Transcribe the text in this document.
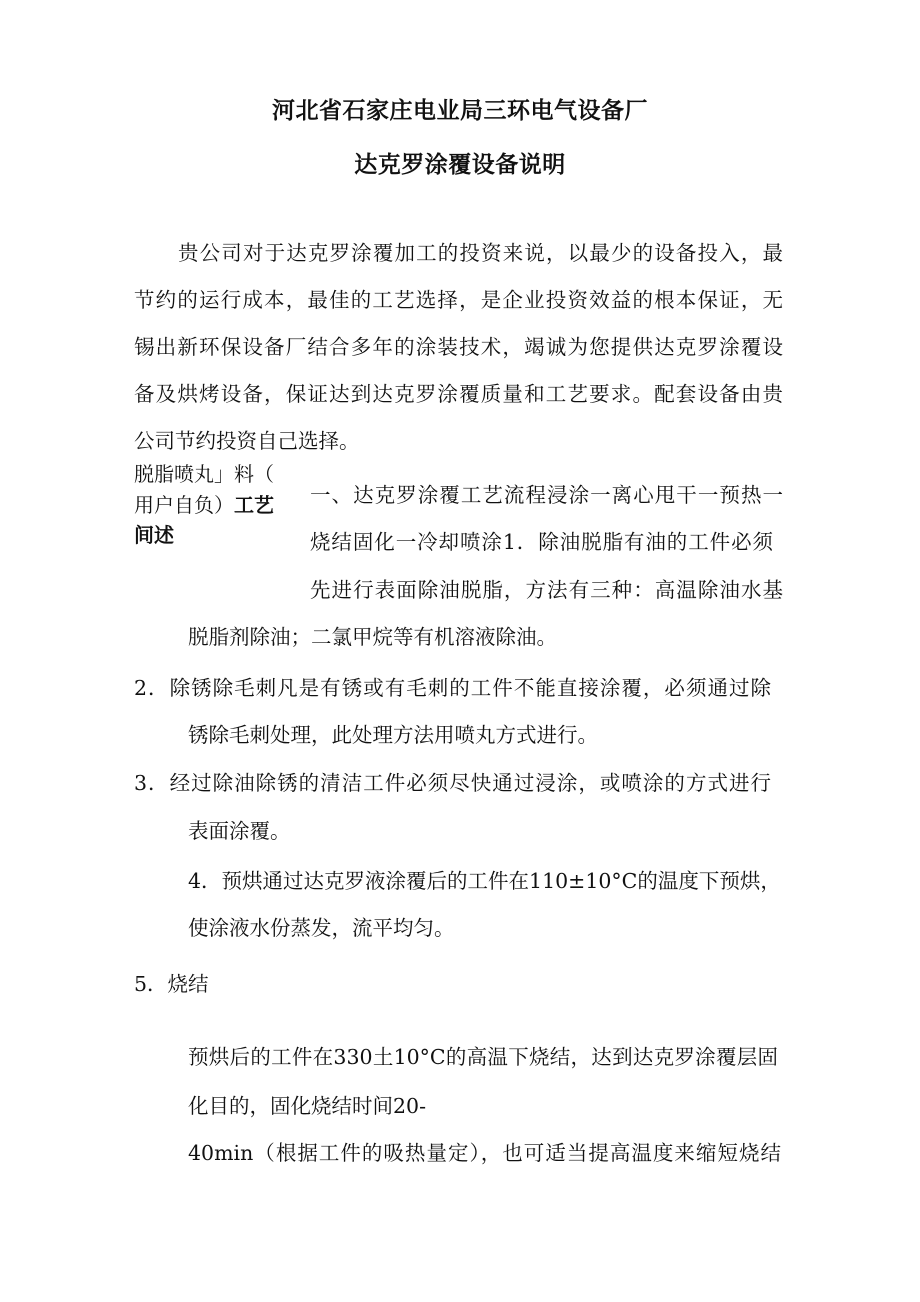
河北省石家庄电业局三环电气设备厂
达克罗涂覆设备说明
贵公司对于达克罗涂覆加工的投资来说，以最少的设备投入，最
节约的运行成本，最佳的工艺选择，是企业投资效益的根本保证，无
锡出新环保设备厂结合多年的涂装技术，竭诚为您提供达克罗涂覆设
备及烘烤设备，保证达到达克罗涂覆质量和工艺要求。配套设备由贵
公司节约投资自己选择。
脱脂喷丸」料（
用户自负）工艺
间述
一、达克罗涂覆工艺流程浸涂一离心甩干一预热一
烧结固化一冷却喷涂1．除油脱脂有油的工件必须
先进行表面除油脱脂，方法有三种：高温除油水基
脱脂剂除油；二氯甲烷等有机溶液除油。
2．除锈除毛刺凡是有锈或有毛刺的工件不能直接涂覆，必须通过除
锈除毛刺处理，此处理方法用喷丸方式进行。
3．经过除油除锈的清洁工件必须尽快通过浸涂，或喷涂的方式进行
表面涂覆。
4．预烘通过达克罗液涂覆后的工件在110±10°C的温度下预烘，
使涂液水份蒸发，流平均匀。
5．烧结
预烘后的工件在330土10°C的高温下烧结，达到达克罗涂覆层固
化目的，固化烧结时间20-
40min（根据工件的吸热量定），也可适当提高温度来缩短烧结
